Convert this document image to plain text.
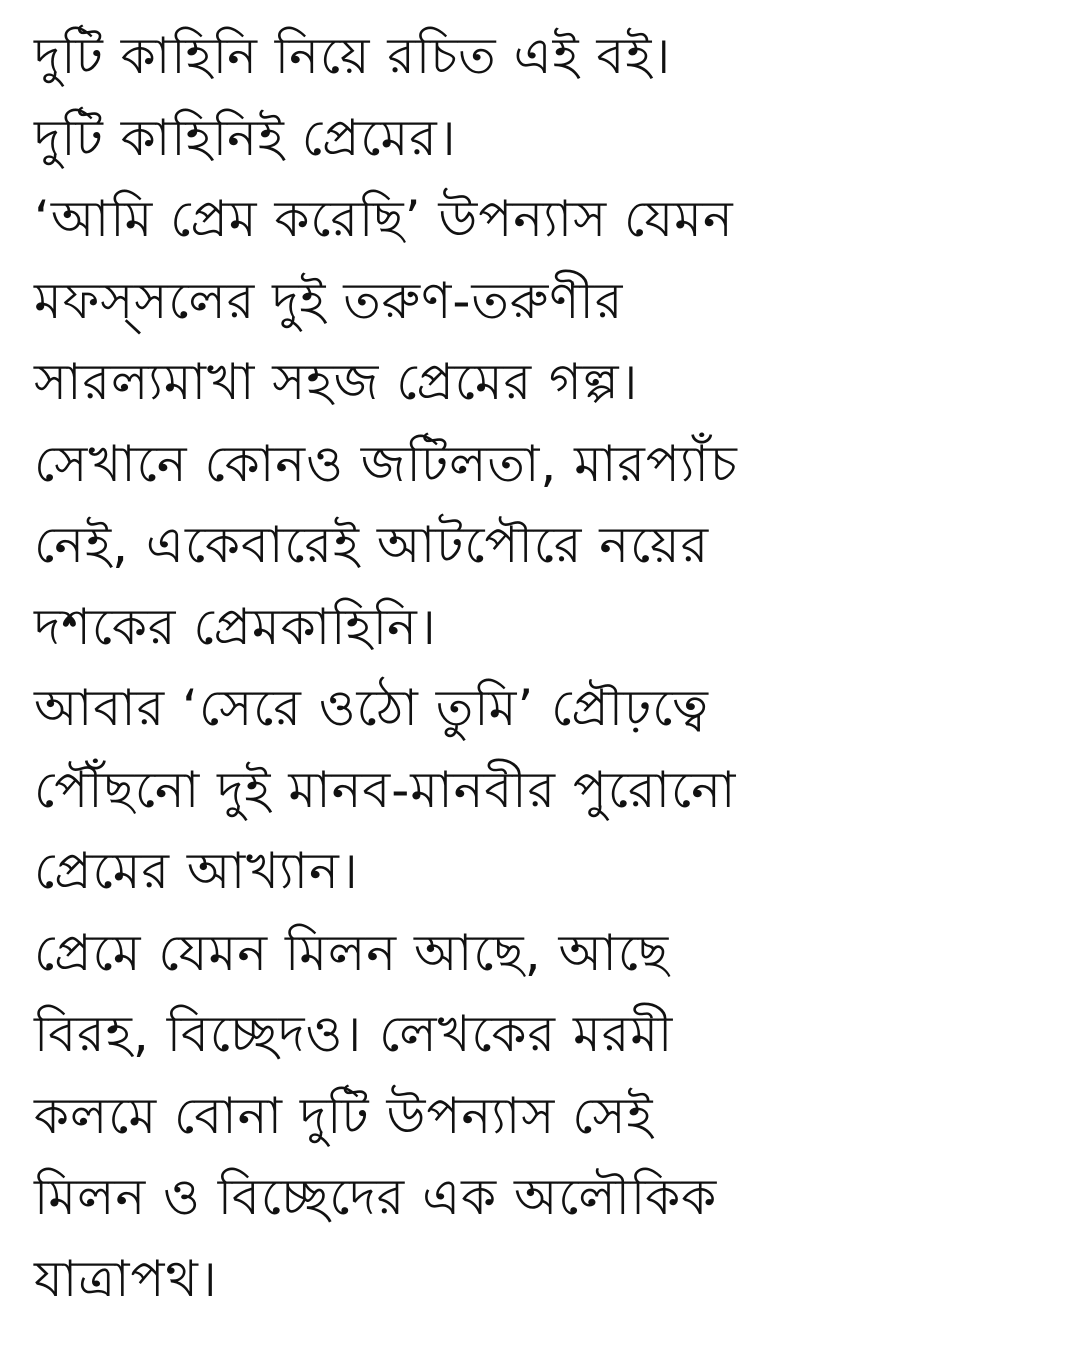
দুটি কাহিনি নিয়ে রচিত এই বই।
দুটি কাহিনিই প্রেমের।
‘আমি প্রেম করেছি’ উপন্যাস যেমন
মফস্‌সলের দুই তরুণ-তরুণীর
সারল্যমাখা সহজ প্রেমের গল্প।
সেখানে কোনও জটিলতা, মারপ্যাঁচ
নেই, একেবারেই আটপৌরে নয়ের
দশকের প্রেমকাহিনি।
আবার ‘সেরে ওঠো তুমি’ প্রৌঢ়ত্বে
পৌঁছনো দুই মানব-মানবীর পুরোনো
প্রেমের আখ্যান।
প্রেমে যেমন মিলন আছে, আছে
বিরহ, বিচ্ছেদও। লেখকের মরমী
কলমে বোনা দুটি উপন্যাস সেই
মিলন ও বিচ্ছেদের এক অলৌকিক
যাত্রাপথ।
